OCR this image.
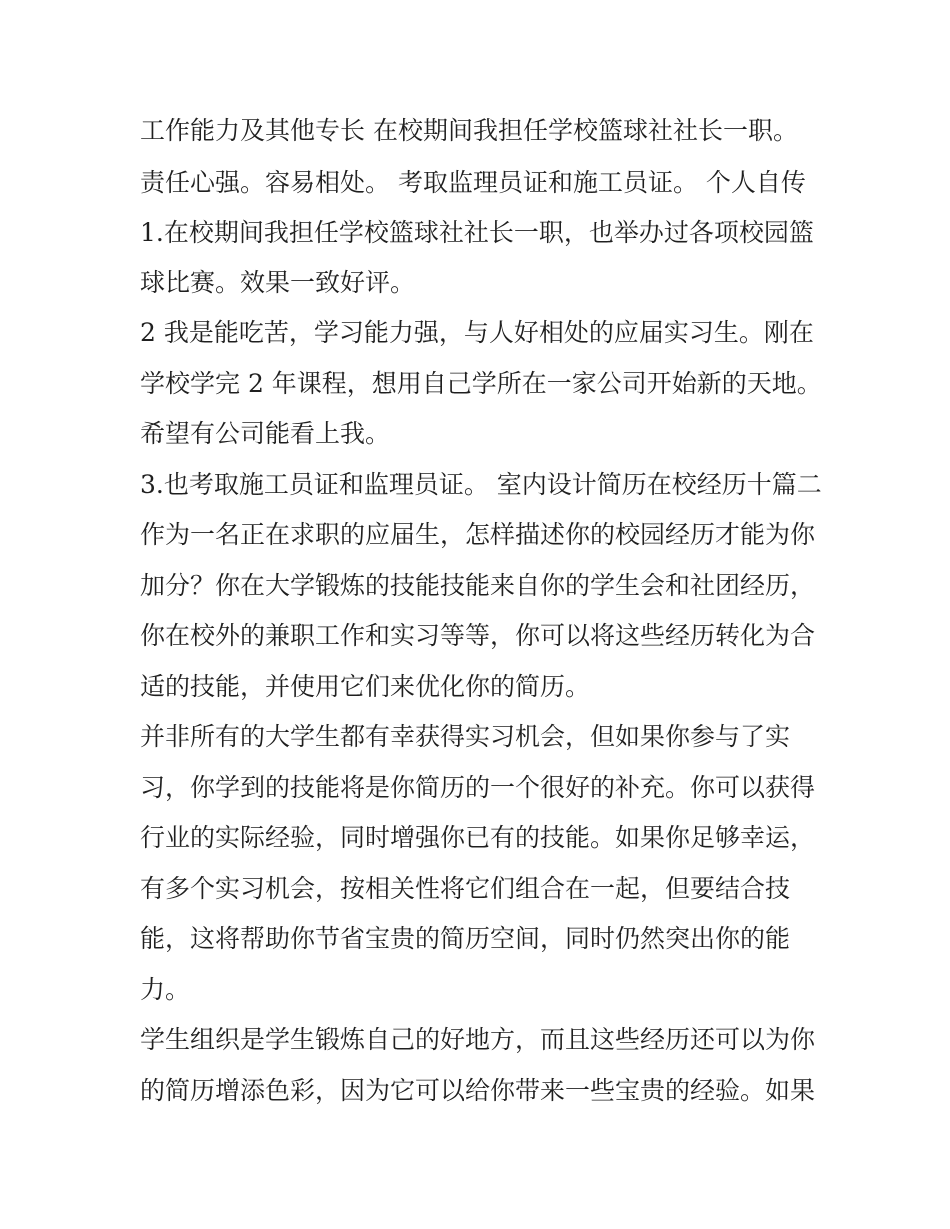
工作能力及其他专长 在校期间我担任学校篮球社社长一职。

责任心强。容易相处。 考取监理员证和施工员证。 个人自传

1.在校期间我担任学校篮球社社长一职，也举办过各项校园篮

球比赛。效果一致好评。

2 我是能吃苦，学习能力强，与人好相处的应届实习生。刚在

学校学完 2 年课程，想用自己学所在一家公司开始新的天地。

希望有公司能看上我。

3.也考取施工员证和监理员证。 室内设计简历在校经历十篇二

作为一名正在求职的应届生，怎样描述你的校园经历才能为你

加分？你在大学锻炼的技能技能来自你的学生会和社团经历，

你在校外的兼职工作和实习等等，你可以将这些经历转化为合

适的技能，并使用它们来优化你的简历。

并非所有的大学生都有幸获得实习机会，但如果你参与了实

习，你学到的技能将是你简历的一个很好的补充。你可以获得

行业的实际经验，同时增强你已有的技能。如果你足够幸运，

有多个实习机会，按相关性将它们组合在一起，但要结合技

能，这将帮助你节省宝贵的简历空间，同时仍然突出你的能

力。

学生组织是学生锻炼自己的好地方，而且这些经历还可以为你

的简历增添色彩，因为它可以给你带来一些宝贵的经验。如果
